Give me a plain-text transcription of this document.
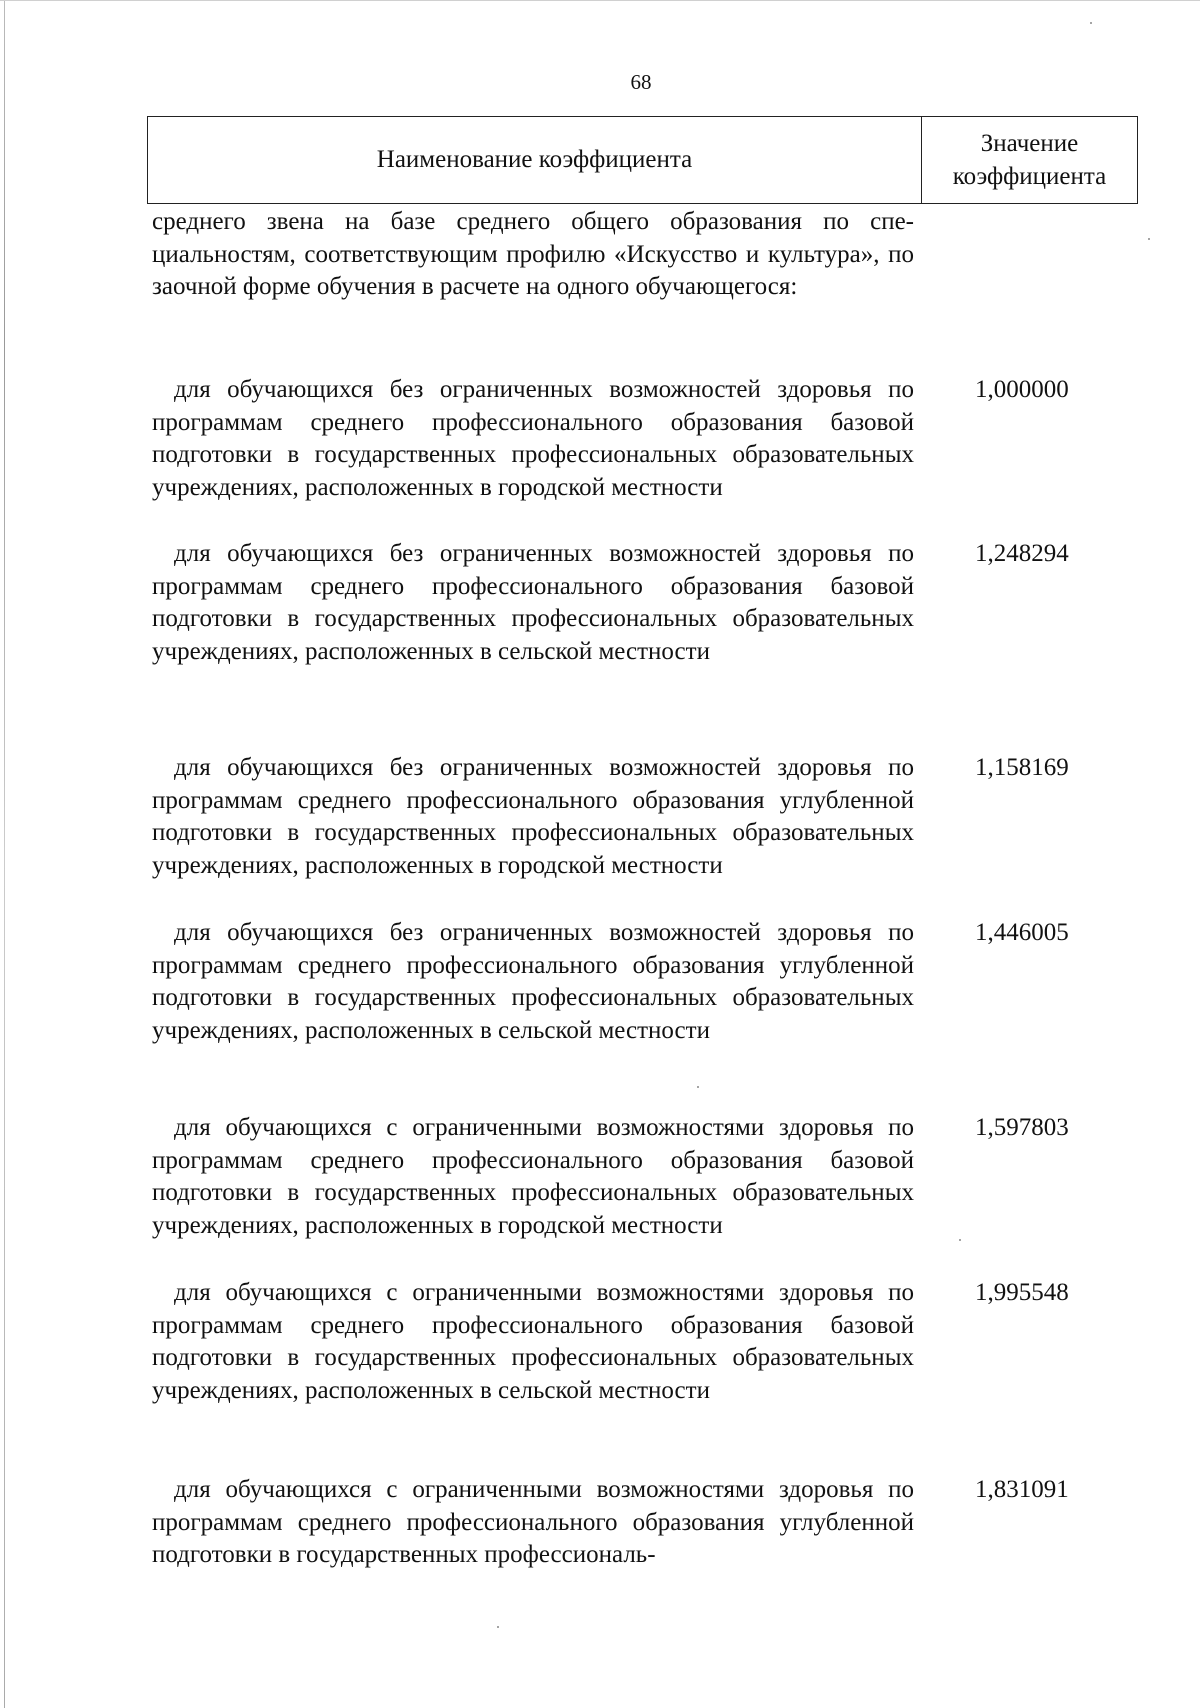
68
Наименование коэффициента
Значение коэффициента
среднего звена на базе среднего общего образования по специальностям, соответствующим профилю «Искусство и культура», по заочной форме обучения в расчете на одного обучающегося:
для обучающихся без ограниченных возможностей здоровья по программам среднего профессионального образования базовой подготовки в государственных профессиональных образовательных учреждениях, расположенных в городской местности
1,000000
для обучающихся без ограниченных возможностей здоровья по программам среднего профессионального образования базовой подготовки в государственных профессиональных образовательных учреждениях, расположенных в сельской местности
1,248294
для обучающихся без ограниченных возможностей здоровья по программам среднего профессионального образования углубленной подготовки в государственных профессиональных образовательных учреждениях, расположенных в городской местности
1,158169
для обучающихся без ограниченных возможностей здоровья по программам среднего профессионального образования углубленной подготовки в государственных профессиональных образовательных учреждениях, расположенных в сельской местности
1,446005
для обучающихся с ограниченными возможностями здоровья по программам среднего профессионального образования базовой подготовки в государственных профессиональных образовательных учреждениях, расположенных в городской местности
1,597803
для обучающихся с ограниченными возможностями здоровья по программам среднего профессионального образования базовой подготовки в государственных профессиональных образовательных учреждениях, расположенных в сельской местности
1,995548
для обучающихся с ограниченными возможностями здоровья по программам среднего профессионального образования углубленной подготовки в государственных профессиональ-
1,831091
